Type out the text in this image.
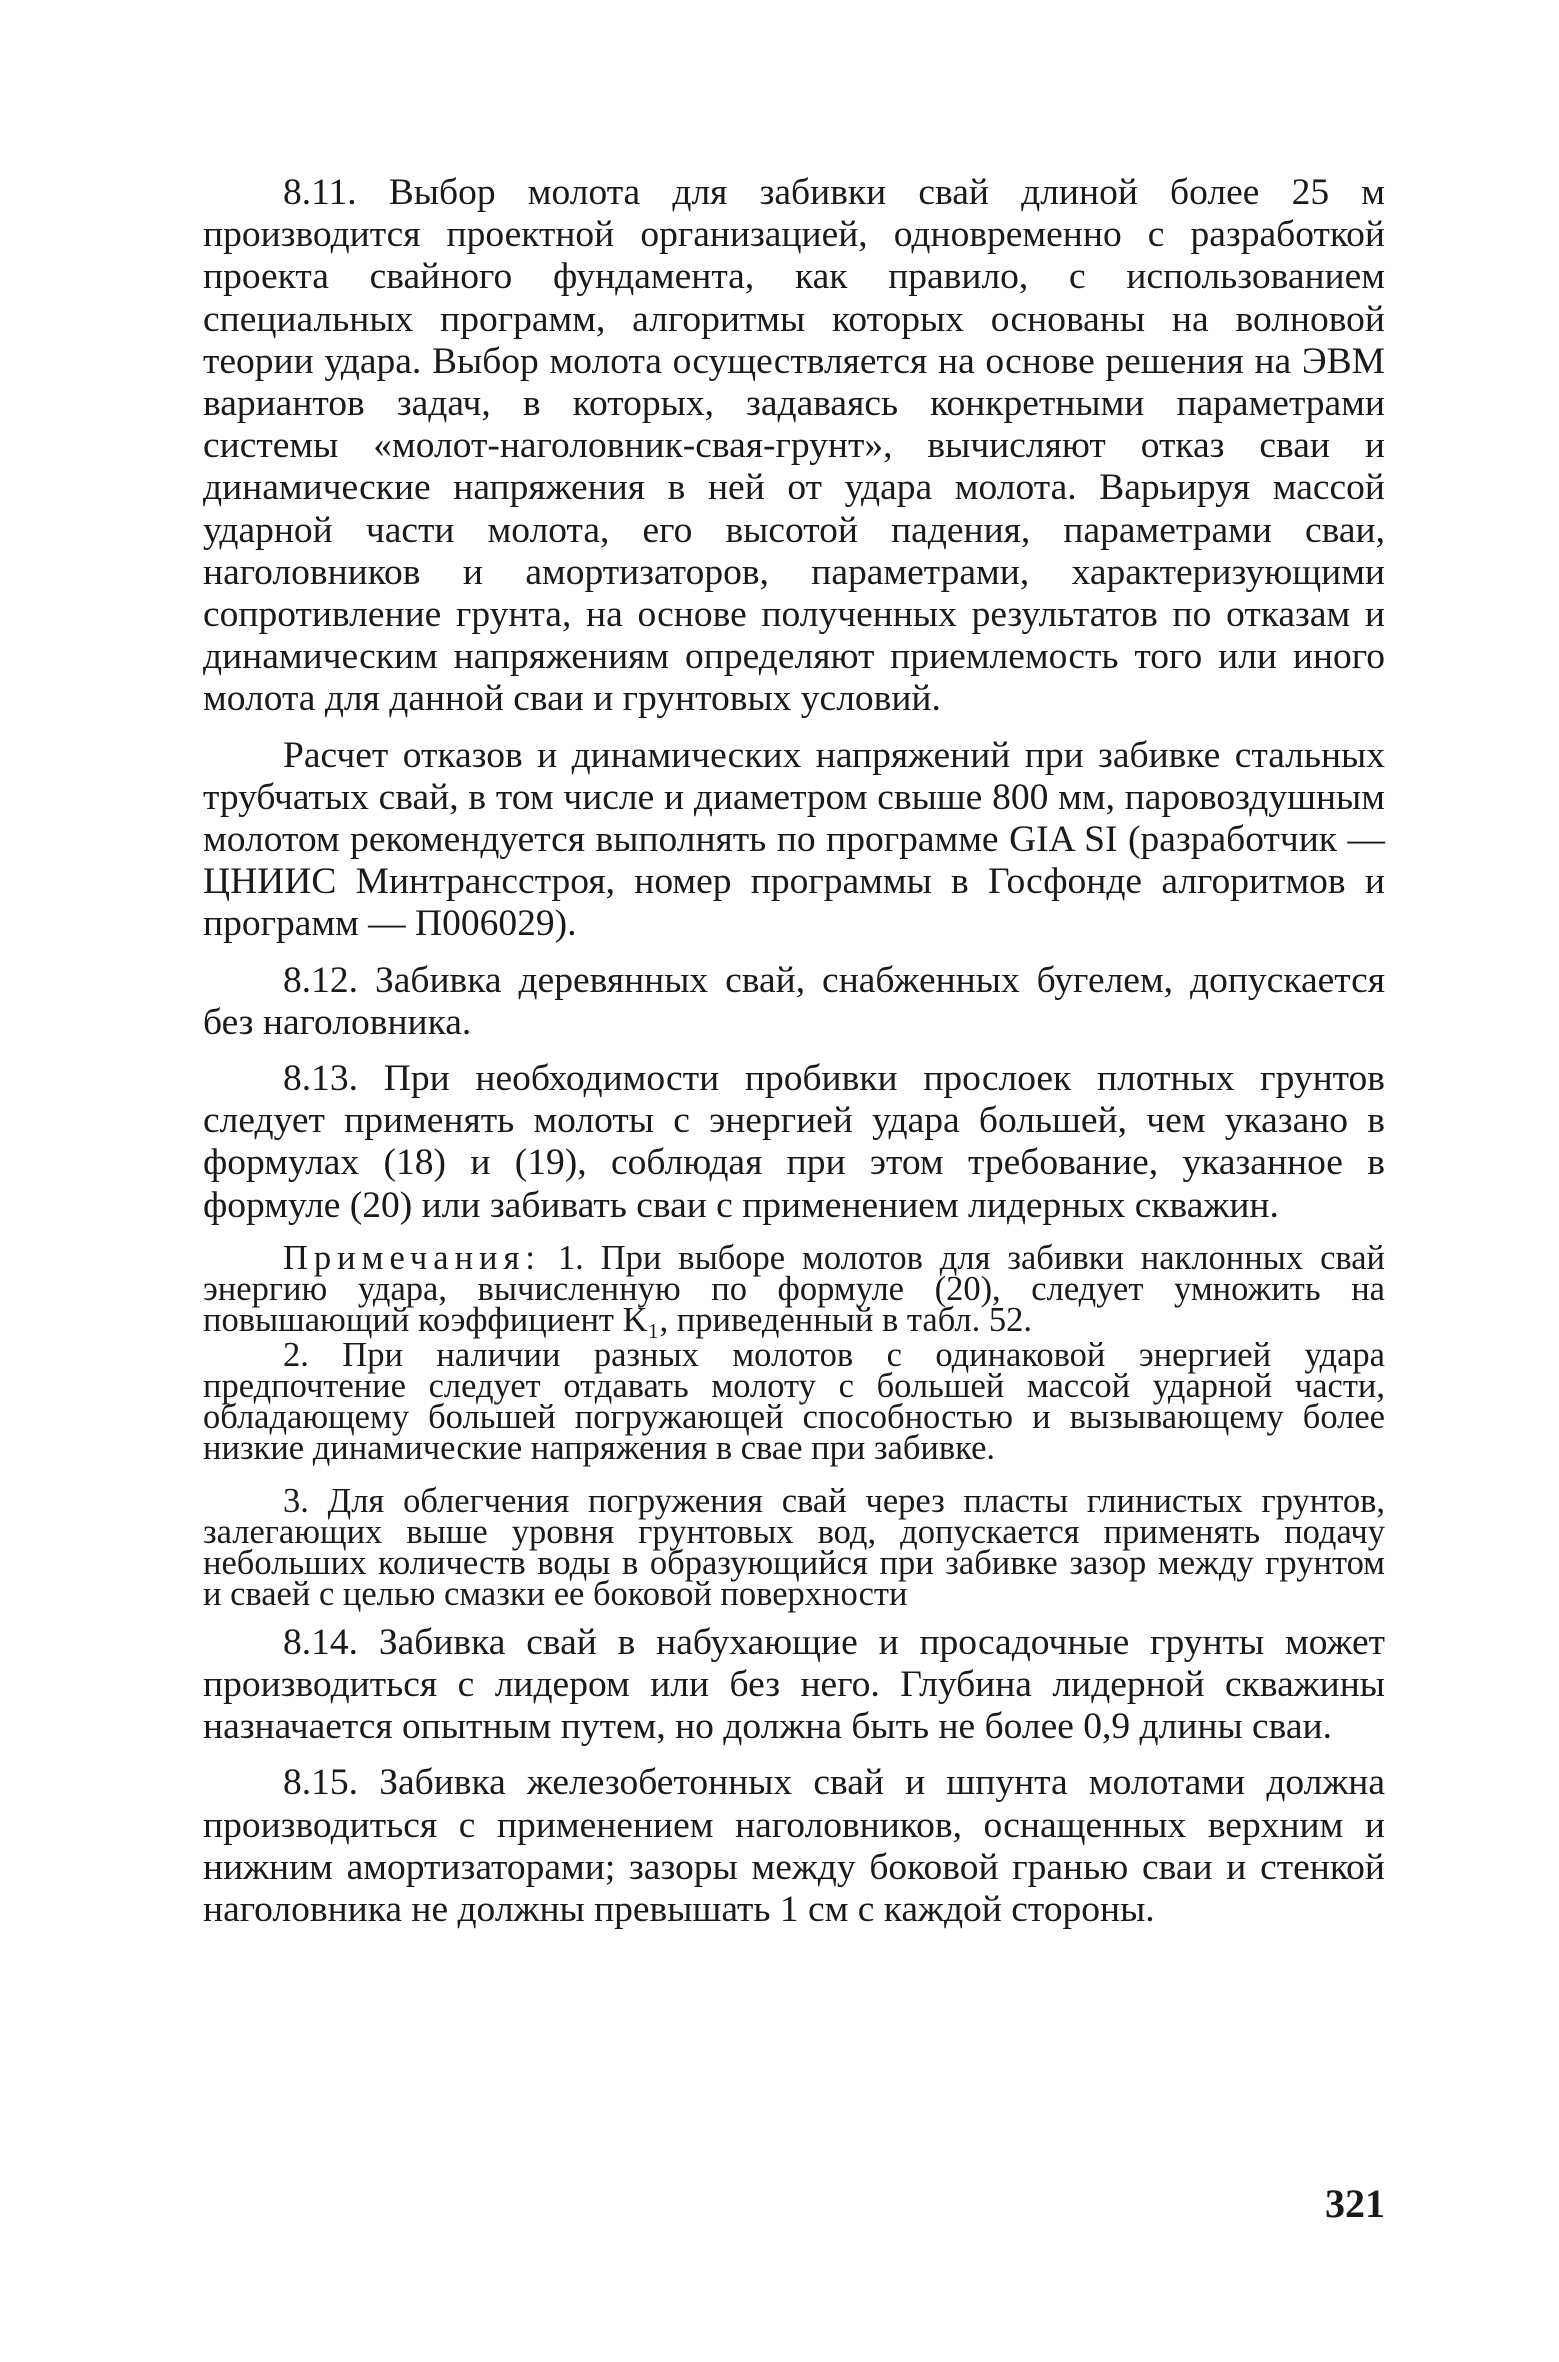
8.11. Выбор молота для забивки свай длиной более 25 м производится проектной организацией, одновременно с разработкой проекта свайного фундамента, как правило, с использованием специальных программ, алгоритмы которых основаны на волновой теории удара. Выбор молота осуществляется на основе решения на ЭВМ вариантов задач, в которых, задаваясь конкретными параметрами системы «молот-наголовник-свая-грунт», вычисляют отказ сваи и динамические напряжения в ней от удара молота. Варьируя массой ударной части молота, его высотой падения, параметрами сваи, наголовников и амортизаторов, параметрами, характеризующими сопротивление грунта, на основе полученных результатов по отказам и динамическим напряжениям определяют приемлемость того или иного молота для данной сваи и грунтовых условий.

Расчет отказов и динамических напряжений при забивке стальных трубчатых свай, в том числе и диаметром свыше 800 мм, паровоздушным молотом рекомендуется выполнять по программе GIA SI (разработчик — ЦНИИС Минтрансстроя, номер программы в Госфонде алгоритмов и программ — П006029).

8.12. Забивка деревянных свай, снабженных бугелем, допускается без наголовника.

8.13. При необходимости пробивки прослоек плотных грунтов следует применять молоты с энергией удара большей, чем указано в формулах (18) и (19), соблюдая при этом требование, указанное в формуле (20) или забивать сваи с применением лидерных скважин.

Примечания: 1. При выборе молотов для забивки наклонных свай энергию удара, вычисленную по формуле (20), следует умножить на повышающий коэффициент K₁, приведенный в табл. 52.

2. При наличии разных молотов с одинаковой энергией удара предпочтение следует отдавать молоту с большей массой ударной части, обладающему большей погружающей способностью и вызывающему более низкие динамические напряжения в свае при забивке.

3. Для облегчения погружения свай через пласты глинистых грунтов, залегающих выше уровня грунтовых вод, допускается применять подачу небольших количеств воды в образующийся при забивке зазор между грунтом и сваей с целью смазки ее боковой поверхности

8.14. Забивка свай в набухающие и просадочные грунты может производиться с лидером или без него. Глубина лидерной скважины назначается опытным путем, но должна быть не более 0,9 длины сваи.

8.15. Забивка железобетонных свай и шпунта молотами должна производиться с применением наголовников, оснащенных верхним и нижним амортизаторами; зазоры между боковой гранью сваи и стенкой наголовника не должны превышать 1 см с каждой стороны.

321
